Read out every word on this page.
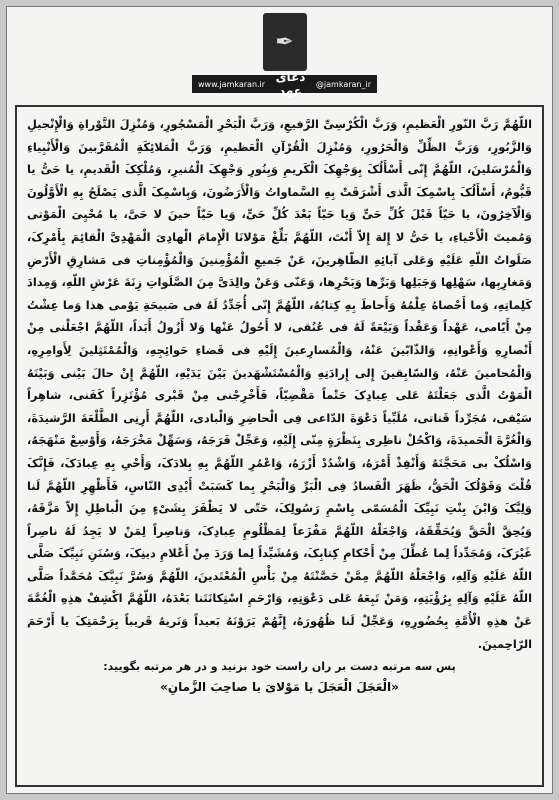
✒
www.jamkaran.ir دعای عهد	@jamkaran_ir
اللّهُمَّ رَبَّ النّورِ الْعَظیمِ، وَرَبَّ الْکُرْسِیِّ الرَّفیعِ، وَرَبَّ الْبَحْرِ الْمَسْجُورِ، وَمُنْزِلَ التَّوْراةِ وَالْإِنْجیلِ وَالزَّبُورِ، وَرَبَّ الظِّلِّ وَالْحَرُورِ، وَمُنْزِلَ الْقُرْآنِ الْعَظیمِ، وَرَبَّ الْمَلائِکَةِ الْمُقَرَّبینَ وَالْأَنْبِیاءِ وَالْمُرْسَلینَ، اللّهُمَّ إِنّی أَسْأَلُکَ بِوَجْهِکَ الْکَریمِ وَبِنُورِ وَجْهِکَ الْمُنیرِ، وَمُلْکِکَ الْقَدیمِ، یا حَیُّ یا قَیُّومُ، أَسْأَلُکَ بِاسْمِکَ الَّذی أَشْرَقَتْ بِهِ السَّماواتُ وَالْأَرَضُونَ، وَبِاسْمِکَ الَّذی یَصْلَحُ بِهِ الْأَوَّلُونَ وَالْآخِرُونَ، یا حَیّاً قَبْلَ کُلِّ حَیٍّ وَیا حَیّاً بَعْدَ کُلِّ حَیٍّ، وَیا حَیّاً حینَ لا حَیَّ، یا مُحْیِیَ الْمَوْتی وَمُمیتَ الْأَحْیاءِ، یا حَیُّ لا إِلهَ إِلاّ أَنْتَ، اللّهُمَّ بَلِّغْ مَوْلانَا الْإِمامَ الْهادِیَ الْمَهْدِیَّ الْقائِمَ بِأَمْرِکَ، صَلَواتُ اللّهِ عَلَیْهِ وَعَلی آبائِهِ الطّاهِرینَ، عَنْ جَمیعِ الْمُؤْمِنینَ وَالْمُؤْمِناتِ فی مَشارِقِ الْأَرْضِ وَمَغارِبِها، سَهْلِها وَجَبَلِها وَبَرِّها وَبَحْرِها، وَعَنّی وَعَنْ والِدَیَّ مِنَ الصَّلَواتِ زِنَةَ عَرْشِ اللّهِ، وَمِدادَ کَلِماتِهِ، وَما أَحْصاهُ عِلْمُهُ وَأَحاطَ بِهِ کِتابُهُ، اللّهُمَّ إِنّی أُجَدِّدُ لَهُ فی صَبیحَةِ یَوْمی هذا وَما عِشْتُ مِنْ أَیّامی، عَهْداً وَعَقْداً وَبَیْعَةً لَهُ فی عُنُقی، لا أَحُولُ عَنْها وَلا أَزُولُ أَبَداً، اللّهُمَّ اجْعَلْنی مِنْ أَنْصارِهِ وَأَعْوانِهِ، وَالذّابّینَ عَنْهُ، وَالْمُسارِعینَ إِلَیْهِ فی قَضاءِ حَوائِجِهِ، وَالْمُمْتَثِلینَ لِأَوامِرِهِ، وَالْمُحامینَ عَنْهُ، وَالسّابِقینَ إِلی إِرادَتِهِ وَالْمُسْتَشْهَدینَ بَیْنَ یَدَیْهِ، اللّهُمَّ إِنْ حالَ بَیْنی وَبَیْنَهُ الْمَوْتُ الَّذی جَعَلْتَهُ عَلی عِبادِکَ حَتْماً مَقْضِیّاً، فَأَخْرِجْنی مِنْ قَبْری مُؤْتَزِراً کَفَنی، شاهِراً سَیْفی، مُجَرِّداً قَناتی، مُلَبِّیاً دَعْوَةَ الدّاعی فِی الْحاضِرِ وَالْبادی، اللّهُمَّ أَرِنِی الطَّلْعَةَ الرَّشیدَةَ، وَالْغُرَّةَ الْحَمیدَةَ، وَاکْحُلْ ناظِری بِنَظْرَةٍ مِنّی إِلَیْهِ، وَعَجِّلْ فَرَجَهُ، وَسَهِّلْ مَخْرَجَهُ، وَأَوْسِعْ مَنْهَجَهُ، وَاسْلُکْ بی مَحَجَّتَهُ وَأَنْفِذْ أَمْرَهُ، وَاشْدُدْ أَزْرَهُ، وَاعْمُرِ اللّهُمَّ بِهِ بِلادَکَ، وَأَحْیِ بِهِ عِبادَکَ، فَإِنَّکَ قُلْتَ وَقَوْلُکَ الْحَقُّ، ظَهَرَ الْفَسادُ فِی الْبَرِّ وَالْبَحْرِ بِما کَسَبَتْ أَیْدِی النّاسِ، فَأَظْهِرِ اللّهُمَّ لَنا وَلِیَّکَ وَابْنَ بِنْتِ نَبِیِّکَ الْمُسَمّی بِاسْمِ رَسُولِکَ، حَتّی لا یَظْفَرَ بِشَیْءٍ مِنَ الْباطِلِ إِلاّ مَزَّقَهُ، وَیُحِقَّ الْحَقَّ وَیُحَقِّقَهُ، وَاجْعَلْهُ اللّهُمَّ مَفْزَعاً لِمَظْلُومِ عِبادِکَ، وَناصِراً لِمَنْ لا یَجِدُ لَهُ ناصِراً غَیْرَکَ، وَمُجَدِّداً لِما عُطِّلَ مِنْ أَحْکامِ کِتابِکَ، وَمُشَیِّداً لِما وَرَدَ مِنْ أَعْلامِ دینِکَ، وَسُنَنِ نَبِیِّکَ صَلَّی اللّهُ عَلَیْهِ وَآلِهِ، وَاجْعَلْهُ اللّهُمَّ مِمَّنْ حَصَّنْتَهُ مِنْ بَأْسِ الْمُعْتَدینَ، اللّهُمَّ وَسُرَّ نَبِیَّکَ مُحَمَّداً صَلَّی اللّهُ عَلَیْهِ وَآلِهِ بِرُؤْیَتِهِ، وَمَنْ تَبِعَهُ عَلی دَعْوَتِهِ، وَارْحَمِ اسْتِکانَتَنا بَعْدَهُ، اللّهُمَّ اکْشِفْ هذِهِ الْغُمَّةَ عَنْ هذِهِ الْأُمَّةِ بِحُضُورِهِ، وَعَجِّلْ لَنا ظُهُورَهُ، إِنَّهُمْ یَرَوْنَهُ بَعیداً وَنَریهُ قَریباً بِرَحْمَتِکَ یا أَرْحَمَ الرّاحِمینَ.
پس سه مرتبه دست بر ران راست خود بزنید و در هر مرتبه بگویید:
«الْعَجَلَ الْعَجَلَ یا مَوْلایَ یا صاحِبَ الزَّمانِ»
